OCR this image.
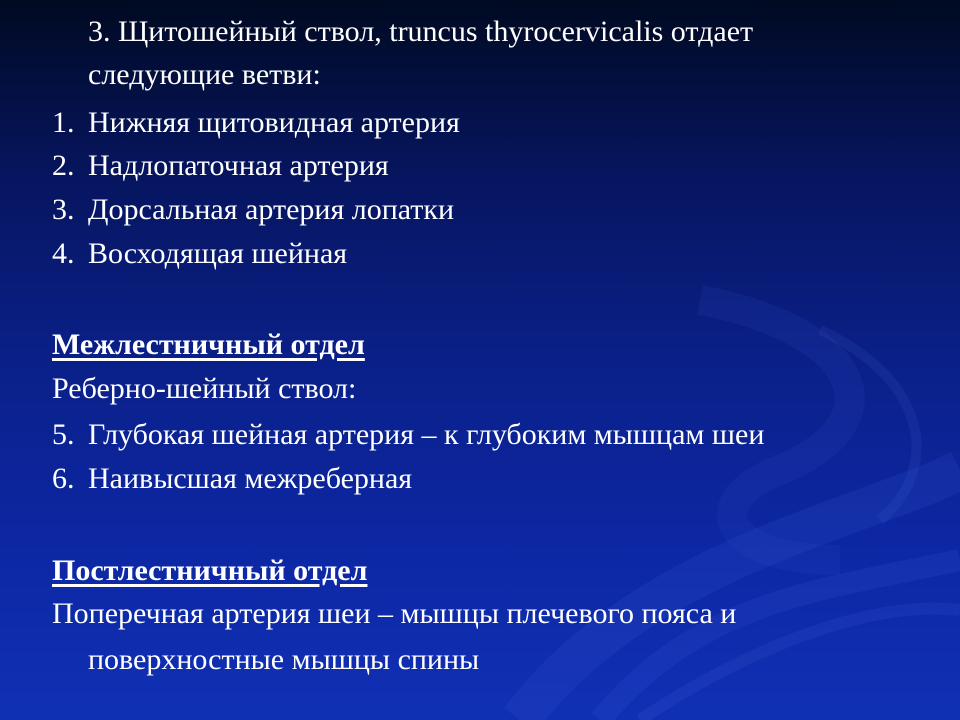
3. Щитошейный ствол, truncus thyrocervicalis отдает

следующие ветви:

1. Нижняя щитовидная артерия

2. Надлопаточная артерия

3. Дорсальная артерия лопатки

4. Восходящая шейная

Межлестничный отдел

Реберно-шейный ствол:

5. Глубокая шейная артерия – к глубоким мышцам шеи

6. Наивысшая межреберная

Постлестничный отдел

Поперечная артерия шеи – мышцы плечевого пояса и

поверхностные мышцы спины
